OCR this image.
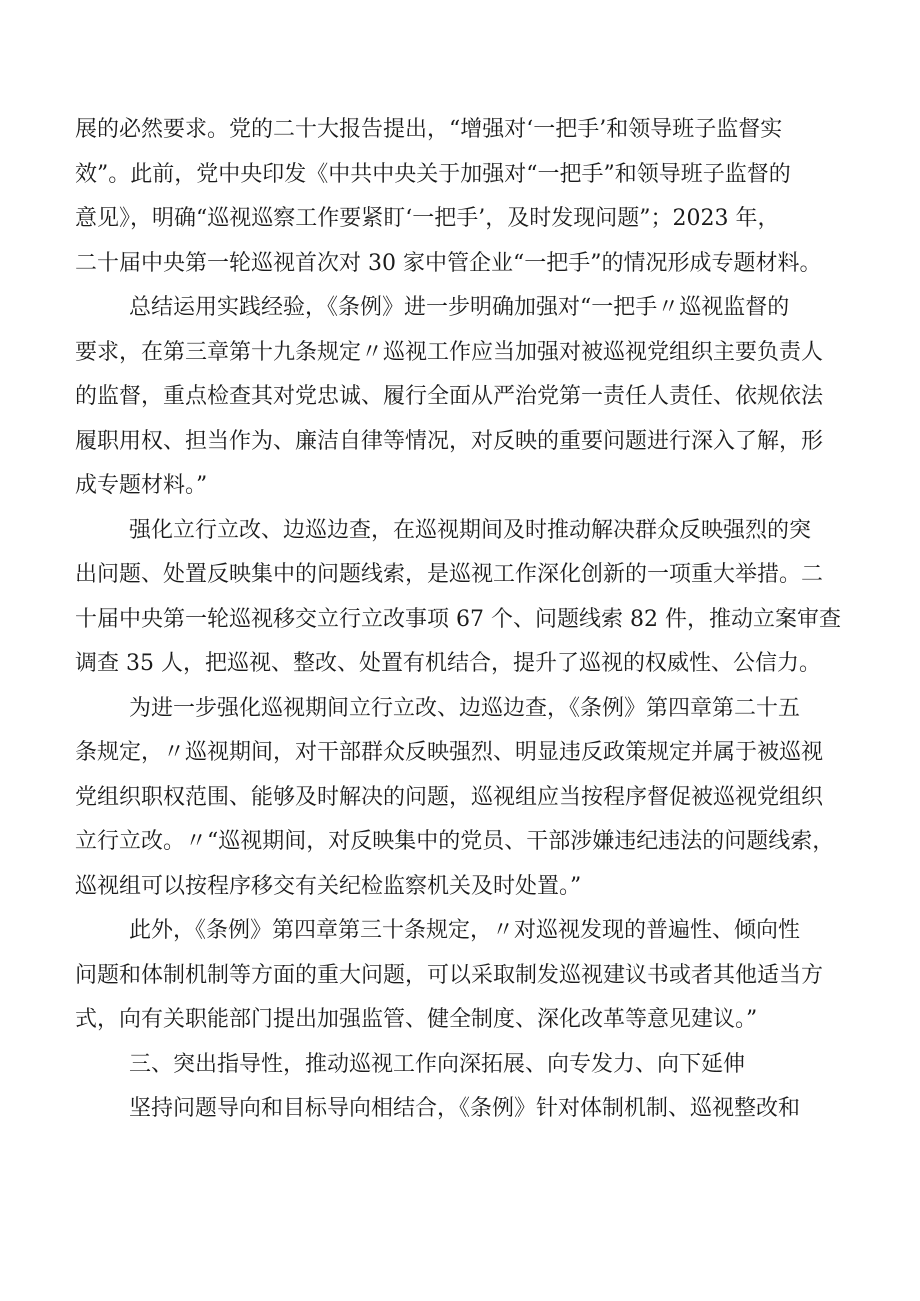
展的必然要求。党的二十大报告提出，“增强对‘一把手’和领导班子监督实
效”。此前，党中央印发《中共中央关于加强对“一把手”和领导班子监督的
意见》，明确“巡视巡察工作要紧盯‘一把手’，及时发现问题”；2023 年，
二十届中央第一轮巡视首次对 30 家中管企业“一把手”的情况形成专题材料。
总结运用实践经验，《条例》进一步明确加强对“一把手〃巡视监督的
要求，在第三章第十九条规定〃巡视工作应当加强对被巡视党组织主要负责人
的监督，重点检查其对党忠诚、履行全面从严治党第一责任人责任、依规依法
履职用权、担当作为、廉洁自律等情况，对反映的重要问题进行深入了解，形
成专题材料。”
强化立行立改、边巡边查，在巡视期间及时推动解决群众反映强烈的突
出问题、处置反映集中的问题线索，是巡视工作深化创新的一项重大举措。二
十届中央第一轮巡视移交立行立改事项 67 个、问题线索 82 件，推动立案审查
调查 35 人，把巡视、整改、处置有机结合，提升了巡视的权威性、公信力。
为进一步强化巡视期间立行立改、边巡边查，《条例》第四章第二十五
条规定，〃巡视期间，对干部群众反映强烈、明显违反政策规定并属于被巡视
党组织职权范围、能够及时解决的问题，巡视组应当按程序督促被巡视党组织
立行立改。〃“巡视期间，对反映集中的党员、干部涉嫌违纪违法的问题线索，
巡视组可以按程序移交有关纪检监察机关及时处置。”
此外，《条例》第四章第三十条规定，〃对巡视发现的普遍性、倾向性
问题和体制机制等方面的重大问题，可以采取制发巡视建议书或者其他适当方
式，向有关职能部门提出加强监管、健全制度、深化改革等意见建议。”
三、突出指导性，推动巡视工作向深拓展、向专发力、向下延伸
坚持问题导向和目标导向相结合，《条例》针对体制机制、巡视整改和
